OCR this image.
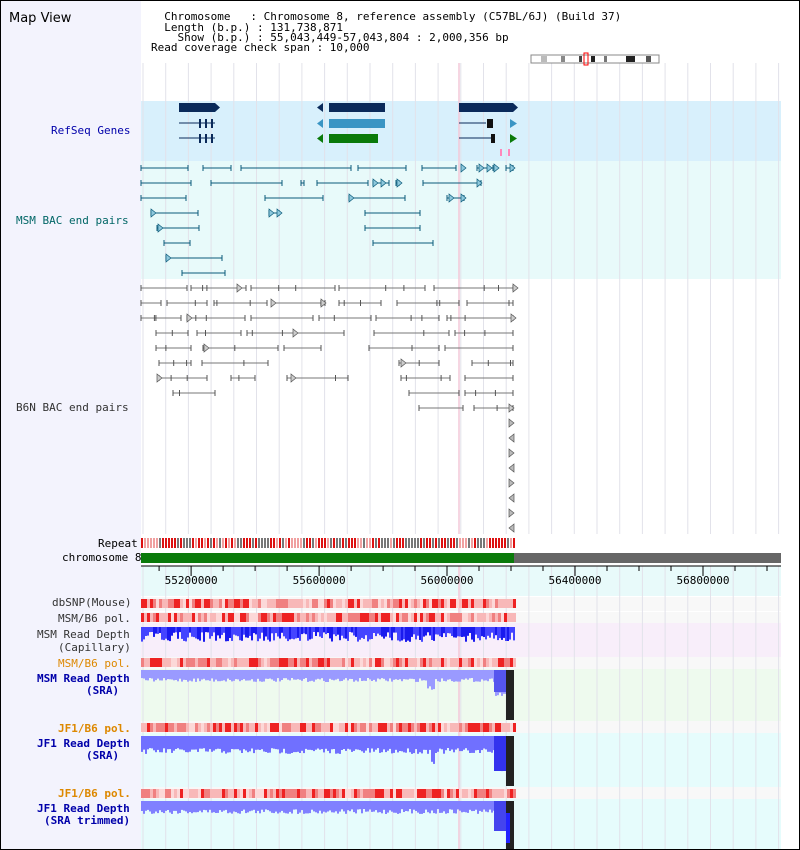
55200000	55600000	56000000	56400000	56800000
Map View	Chromosome   : Chromosome 8, reference assembly (C57BL/6J) (Build 37)
Length (b.p.) : 131,738,871
Show (b.p.) : 55,043,449-57,043,804 : 2,000,356 bp
Read coverage check span : 10,000
RefSeq Genes
MSM BAC end pairs
B6N BAC end pairs
Repeat
chromosome 8
dbSNP(Mouse)
MSM/B6 pol.
MSM Read Depth
(Capillary)
MSM/B6 pol.
MSM Read Depth
(SRA)
JF1/B6 pol.
JF1 Read Depth
(SRA)
JF1/B6 pol.
JF1 Read Depth
(SRA trimmed)
